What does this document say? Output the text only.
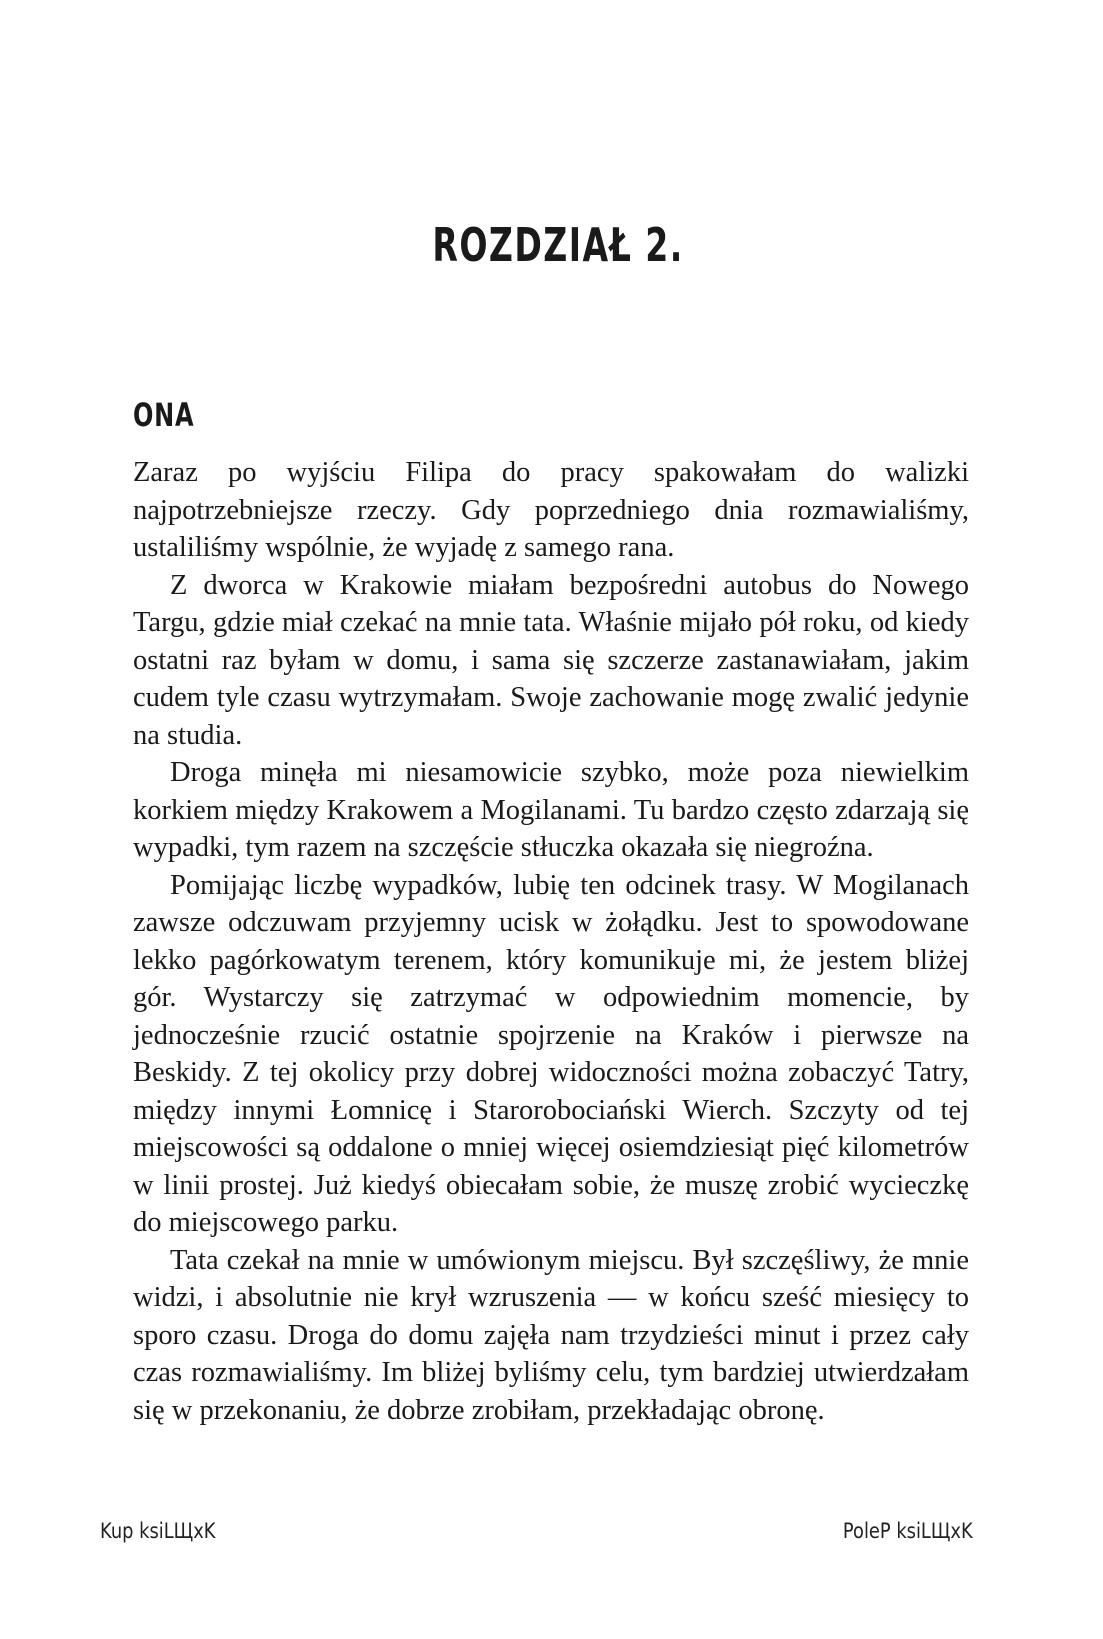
ROZDZIAŁ 2.
ONA

Zaraz po wyjściu Filipa do pracy spakowałam do walizki najpotrzebniejsze rzeczy. Gdy poprzedniego dnia rozmawialiśmy, ustaliliśmy wspólnie, że wyjadę z samego rana.

Z dworca w Krakowie miałam bezpośredni autobus do Nowego Targu, gdzie miał czekać na mnie tata. Właśnie mijało pół roku, od kiedy ostatni raz byłam w domu, i sama się szczerze zastanawiałam, jakim cudem tyle czasu wytrzymałam. Swoje zachowanie mogę zwalić jedynie na studia.

Droga minęła mi niesamowicie szybko, może poza niewielkim korkiem między Krakowem a Mogilanami. Tu bardzo często zdarzają się wypadki, tym razem na szczęście stłuczka okazała się niegroźna.

Pomijając liczbę wypadków, lubię ten odcinek trasy. W Mogilanach zawsze odczuwam przyjemny ucisk w żołądku. Jest to spowodowane lekko pagórkowatym terenem, który komunikuje mi, że jestem bliżej gór. Wystarczy się zatrzymać w odpowiednim momencie, by jednocześnie rzucić ostatnie spojrzenie na Kraków i pierwsze na Beskidy. Z tej okolicy przy dobrej widoczności można zobaczyć Tatry, między innymi Łomnicę i Starorobociański Wierch. Szczyty od tej miejscowości są oddalone o mniej więcej osiemdziesiąt pięć kilometrów w linii prostej. Już kiedyś obiecałam sobie, że muszę zrobić wycieczkę do miejscowego parku.

Tata czekał na mnie w umówionym miejscu. Był szczęśliwy, że mnie widzi, i absolutnie nie krył wzruszenia — w końcu sześć miesięcy to sporo czasu. Droga do domu zajęła nam trzydzieści minut i przez cały czas rozmawialiśmy. Im bliżej byliśmy celu, tym bardziej utwierdzałam się w przekonaniu, że dobrze zrobiłam, przekładając obronę.

Kup ksiLЩxK	PoleP ksiLЩxK
